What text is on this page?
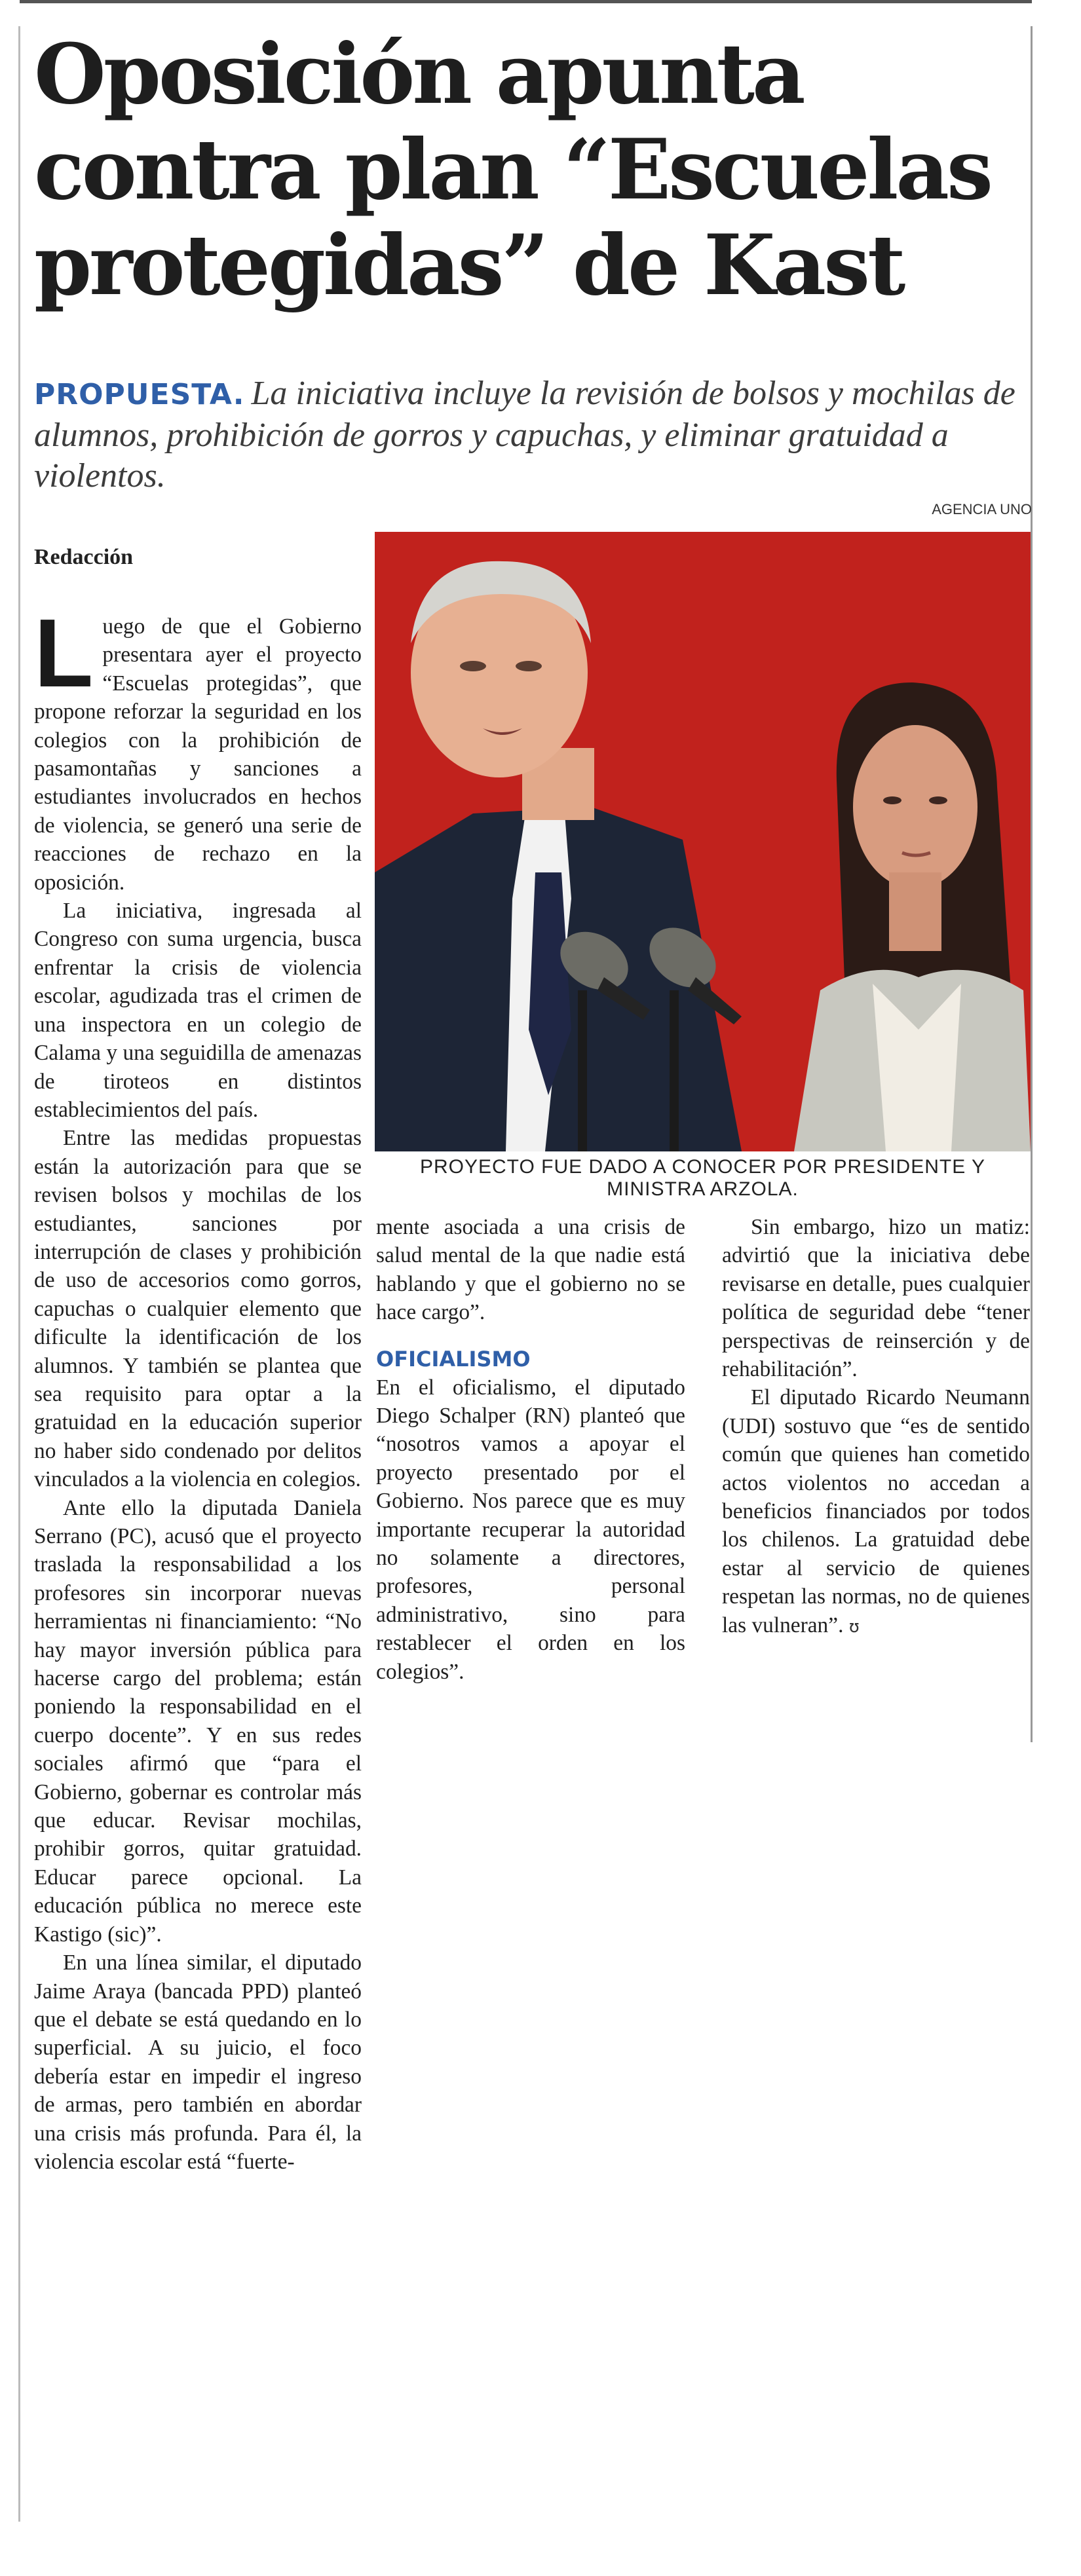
Oposición apunta
contra plan “Escuelas
protegidas” de Kast

PROPUESTA. La iniciativa incluye la revisión de bolsos y mochilas de alumnos, prohibición de gorros y capuchas, y eliminar gratuidad a violentos.

AGENCIA UNO
PROYECTO FUE DADO A CONOCER POR PRESIDENTE Y MINISTRA ARZOLA.

Redacción

Luego de que el Gobierno presentara ayer el proyecto “Escuelas protegidas”, que propone reforzar la seguridad en los colegios con la prohibición de pasamontañas y sanciones a estudiantes involucrados en hechos de violencia, se generó una serie de reacciones de rechazo en la oposición.

La iniciativa, ingresada al Congreso con suma urgencia, busca enfrentar la crisis de violencia escolar, agudizada tras el crimen de una inspectora en un colegio de Calama y una seguidilla de amenazas de tiroteos en distintos establecimientos del país.

Entre las medidas propuestas están la autorización para que se revisen bolsos y mochilas de los estudiantes, sanciones por interrupción de clases y prohibición de uso de accesorios como gorros, capuchas o cualquier elemento que dificulte la identificación de los alumnos. Y también se plantea que sea requisito para optar a la gratuidad en la educación superior no haber sido condenado por delitos vinculados a la violencia en colegios.

Ante ello la diputada Daniela Serrano (PC), acusó que el proyecto traslada la responsabilidad a los profesores sin incorporar nuevas herramientas ni financiamiento: “No hay mayor inversión pública para hacerse cargo del problema; están poniendo la responsabilidad en el cuerpo docente”. Y en sus redes sociales afirmó que “para el Gobierno, gobernar es controlar más que educar. Revisar mochilas, prohibir gorros, quitar gratuidad. Educar parece opcional. La educación pública no merece este Kastigo (sic)”.

En una línea similar, el diputado Jaime Araya (bancada PPD) planteó que el debate se está quedando en lo superficial. A su juicio, el foco debería estar en impedir el ingreso de armas, pero también en abordar una crisis más profunda. Para él, la violencia escolar está “fuerte-

mente asociada a una crisis de salud mental de la que nadie está hablando y que el gobierno no se hace cargo”.

OFICIALISMO

En el oficialismo, el diputado Diego Schalper (RN) planteó que “nosotros vamos a apoyar el proyecto presentado por el Gobierno. Nos parece que es muy importante recuperar la autoridad no solamente a directores, profesores, personal administrativo, sino para restablecer el orden en los colegios”.

Sin embargo, hizo un matiz: advirtió que la iniciativa debe revisarse en detalle, pues cualquier política de seguridad debe “tener perspectivas de reinserción y de rehabilitación”.

El diputado Ricardo Neumann (UDI) sostuvo que “es de sentido común que quienes han cometido actos violentos no accedan a beneficios financiados por todos los chilenos. La gratuidad debe estar al servicio de quienes respetan las normas, no de quienes las vulneran”. ʊ
